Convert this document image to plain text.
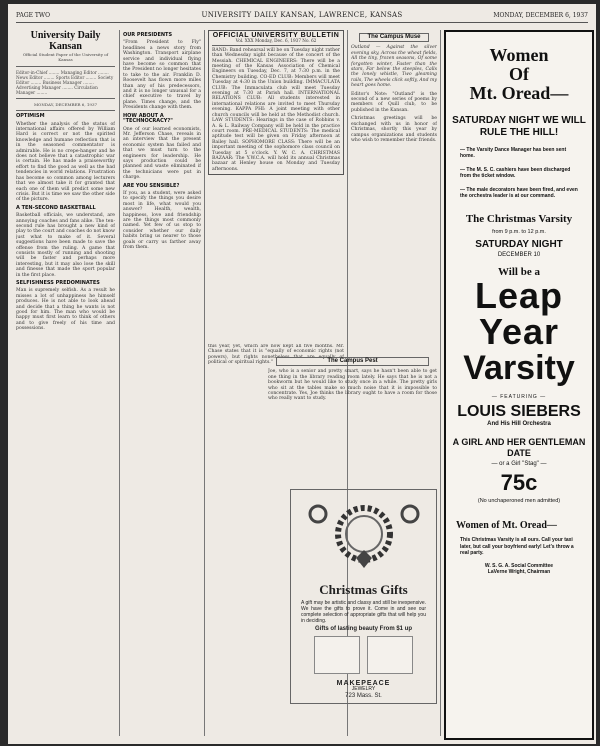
PAGE TWO	UNIVERSITY DAILY KANSAN, LAWRENCE, KANSAS	MONDAY, DECEMBER 6, 1937
University Daily Kansan
Official Student Paper of the University of Kansas
Editor-in-Chief ........ Managing Editor ........ News Editor ........ Sports Editor ........ Society Editor ........ Business Manager ........ Advertising Manager ........ Circulation Manager ........
MONDAY, DECEMBER 6, 1937
OPTIMISM
Whether the analysis of the status of international affairs offered by William Hard is correct or not the spirited knowledge and humane reflection that is in the seasoned commentator is admirable. He is no crepe-hanger and he does not believe that a catastrophic war is certain. He has made a praiseworthy effort to find the good as well as the bad tendencies in world relations. Frustration has become so common among lecturers that we almost take it for granted that each one of them will predict some new crisis. But it is time we saw the other side of the picture.
A TEN-SECOND BASKETBALL
Basketball officials, we understand, are annoying coaches and fans alike. The ten-second rule has brought a new kind of play to the court and coaches do not know just what to make of it. Several suggestions have been made to save the offense from the ruling. A game that consists mostly of running and shooting will be faster and perhaps more interesting, but it may also lose the skill and finesse that made the sport popular in the first place.
SELFISHNESS PREDOMINATES
Man is supremely selfish. As a result he misses a lot of unhappiness he himself produces. He is not able to look ahead and decide that a thing he wants is not good for him. The man who would be happy must first learn to think of others and to give freely of his time and possessions.
OUR PRESIDENTS
"From President to Fly" headlines a news story from Washington. Transport airplane service and individual flying have become so common that the President no longer hesitates to take to the air. Franklin D. Roosevelt has flown more miles than any of his predecessors, and it is no longer unusual for a chief executive to travel by plane. Times change, and the Presidents change with them.
HOW ABOUT A "TECHNOCRACY?"
One of our learned economists, Mr. Jefferson Chase, reveals in an interview that the present economic system has failed and that we must turn to the engineers for leadership. He says production could be planned and waste eliminated if the technicians were put in charge.
ARE YOU SENSIBLE?
If you, as a student, were asked to specify the things you desire most in life, what would you answer? Health, wealth, happiness, love and friendship are the things most commonly named. Yet few of us stop to consider whether our daily habits bring us nearer to those goals or carry us farther away from them.
OFFICIAL UNIVERSITY BULLETIN
Vol. XXX Monday, Dec. 6, 1937 No. 62
BAND: Band rehearsal will be on Tuesday night rather than Wednesday night because of the concert of the Messiah. CHEMICAL ENGINEERS: There will be a meeting of the Kansas Association of Chemical Engineers on Tuesday, Dec. 7, at 7:30 p.m. in the Chemistry building. CO-ED CLUB: Members will meet Tuesday at 4:30 in the Union building. IMMACULATA CLUB: The Immaculata club will meet Tuesday evening at 7:30 at Parish hall. INTERNATIONAL RELATIONS CLUB: All students interested in international relations are invited to meet Thursday evening. KAPPA PHI: A joint meeting with other church councils will be held at the Methodist church. LAW STUDENTS: Hearings in the case of Robbins v. A. & L. Railway Company will be held in the practice court room. PRE-MEDICAL STUDENTS: The medical aptitude test will be given on Friday afternoon at Bailey hall. SOPHOMORE CLASS: There will be an important meeting of the sophomore class council on Tuesday at 5 o'clock. Y. W. C. A. CHRISTMAS BAZAAR: The Y.W.C.A. will hold its annual Christmas bazaar at Henley house on Monday and Tuesday afternoons.
this year, yet, which are now kept all five months. Mr. Chase states that it is "equally of economic rights (not powers), but rights nonetheless that are equally of political or spiritual rights."
The Campus Muse
Outland — Against the silver evening sky, Across the wheat fields, All the tiny, frozen seasons, Of some forgotten winter, Faster than the stars, Far below the steeples, Calls the lonely whistle, Two gleaming rails, The wheels click softly, And my heart goes home.
Editor's Note: "Outland" is the second of a new series of poems by members of Quill club, to be published in the Kansan.
Christmas greetings will be exchanged with us in honor of Christmas, shortly this year by campus organizations and students who wish to remember their friends.
The Campus Pest
Joe, who is a senior and pretty smart, says he hasn't been able to get one thing in the library reading room lately. He says that he is not a bookworm but he would like to study once in a while. The pretty girls who sit at the tables make so much noise that it is impossible to concentrate. Yes, Joe thinks the library ought to have a room for those who really want to study.
Christmas Gifts
A gift may be artistic and classy and still be inexpensive. We have the gifts to prove it. Come in and see our complete selection of appropriate gifts that will help you in deciding.
Gifts of lasting beauty From $1 up

MAKEPEACE
JEWELRY
723 Mass. St.
Women
Of
Mt. Oread—
SATURDAY NIGHT WE WILL RULE THE HILL!
— The Varsity Dance Manager has been sent home.
— The M. S. C. cashiers have been discharged from the ticket window.
— The male decorators have been fired, and even the orchestra leader is at our command.
The Christmas Varsity
from 9 p.m. to 12 p.m.
SATURDAY NIGHT
DECEMBER 10
Will be a
Leap
Year
Varsity
— FEATURING —
LOUIS SIEBERS
And His Hill Orchestra
A GIRL AND HER GENTLEMAN DATE
— or a Girl "Stag" —
75c
(No unchaperoned men admitted)
Women of Mt. Oread—
This Christmas Varsity is all ours. Call your taxi later, but call your boyfriend early! Let's throw a real party.
W. S. G. A. Social Committee
LaVerne Wright, Chairman
